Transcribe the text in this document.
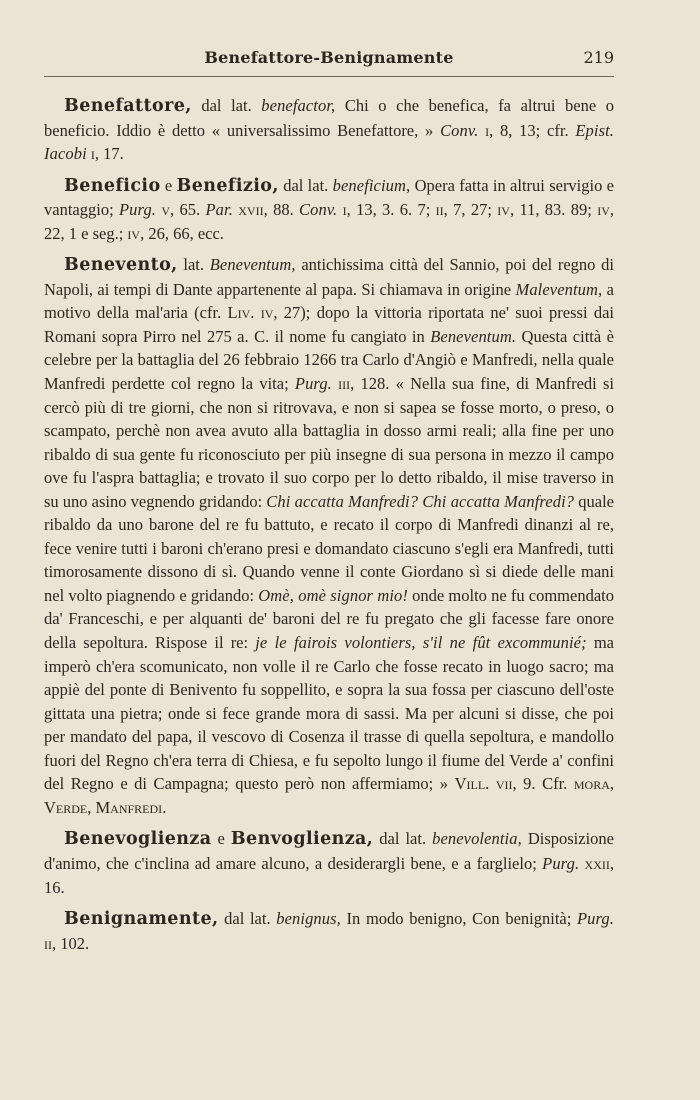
Benefattore-Benignamente	219

Benefattore, dal lat. benefactor, Chi o che benefica, fa altrui bene o beneficio. Iddio è detto « universalissimo Benefattore, » Conv. i, 8, 13; cfr. Epist. Iacobi i, 17.

Beneficio e Benefizio, dal lat. beneficium, Opera fatta in altrui servigio e vantaggio; Purg. v, 65. Par. xvii, 88. Conv. i, 13, 3. 6. 7; ii, 7, 27; iv, 11, 83. 89; iv, 22, 1 e seg.; iv, 26, 66, ecc.

Benevento, lat. Beneventum, antichissima città del Sannio, poi del regno di Napoli, ai tempi di Dante appartenente al papa. Si chiamava in origine Maleventum, a motivo della mal'aria (cfr. Liv. iv, 27); dopo la vittoria riportata ne' suoi pressi dai Romani sopra Pirro nel 275 a. C. il nome fu cangiato in Beneventum. Questa città è celebre per la battaglia del 26 febbraio 1266 tra Carlo d'Angiò e Manfredi, nella quale Manfredi perdette col regno la vita; Purg. iii, 128. « Nella sua fine, di Manfredi si cercò più di tre giorni, che non si ritrovava, e non si sapea se fosse morto, o preso, o scampato, perchè non avea avuto alla battaglia in dosso armi reali; alla fine per uno ribaldo di sua gente fu riconosciuto per più insegne di sua persona in mezzo il campo ove fu l'aspra battaglia; e trovato il suo corpo per lo detto ribaldo, il mise traverso in su uno asino vegnendo gridando: Chi accatta Manfredi? Chi accatta Manfredi? quale ribaldo da uno barone del re fu battuto, e recato il corpo di Manfredi dinanzi al re, fece venire tutti i baroni ch'erano presi e domandato ciascuno s'egli era Manfredi, tutti timorosamente dissono di sì. Quando venne il conte Giordano sì si diede delle mani nel volto piagnendo e gridando: Omè, omè signor mio! onde molto ne fu commendato da' Franceschi, e per alquanti de' baroni del re fu pregato che gli facesse fare onore della sepoltura. Rispose il re: je le fairois volontiers, s'il ne fût excommunié; ma imperò ch'era scomunicato, non volle il re Carlo che fosse recato in luogo sacro; ma appiè del ponte di Benivento fu soppellito, e sopra la sua fossa per ciascuno dell'oste gittata una pietra; onde si fece grande mora di sassi. Ma per alcuni si disse, che poi per mandato del papa, il vescovo di Cosenza il trasse di quella sepoltura, e mandollo fuori del Regno ch'era terra di Chiesa, e fu sepolto lungo il fiume del Verde a' confini del Regno e di Campagna; questo però non affermiamo; » Vill. vii, 9. Cfr. mora, Verde, Manfredi.

Benevoglienza e Benvoglienza, dal lat. benevolentia, Disposizione d'animo, che c'inclina ad amare alcuno, a desiderargli bene, e a farglielo; Purg. xxii, 16.

Benignamente, dal lat. benignus, In modo benigno, Con benignità; Purg. ii, 102.
